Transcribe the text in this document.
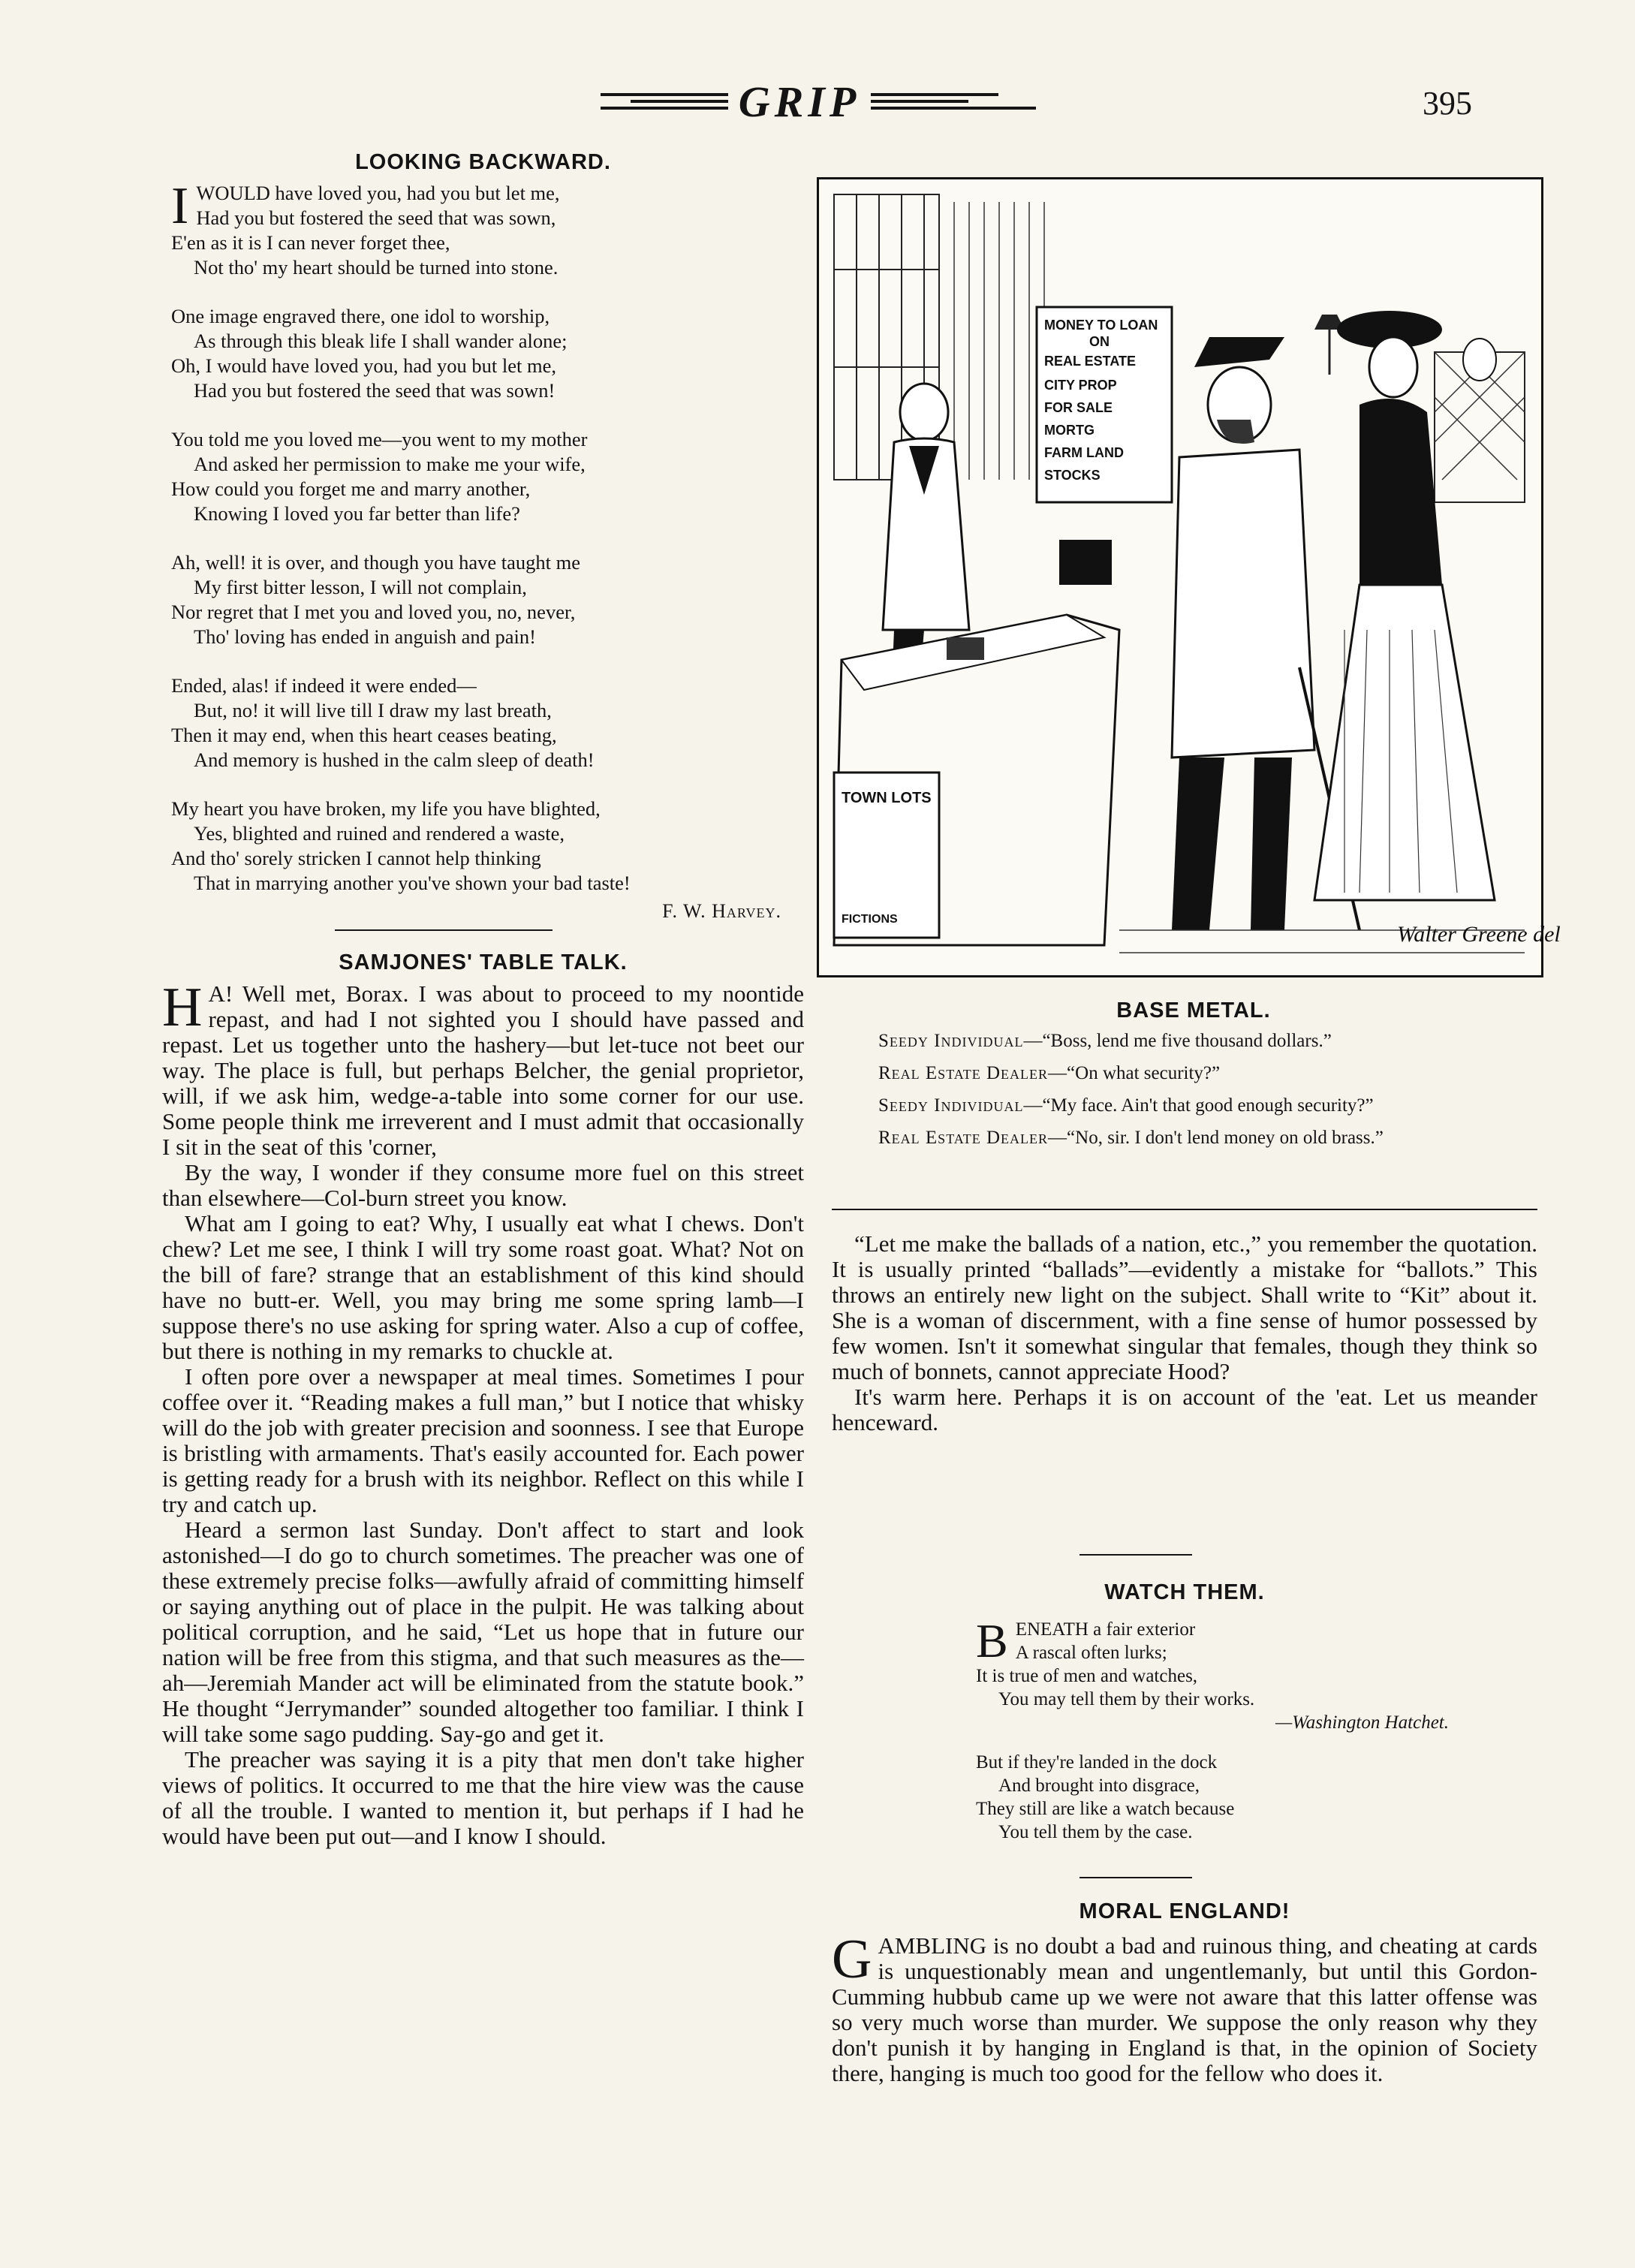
GRIP	395
LOOKING BACKWARD.
I WOULD have loved you, had you but let me,

Had you but fostered the seed that was sown,

E'en as it is I can never forget thee,

Not tho' my heart should be turned into stone.

One image engraved there, one idol to worship,

As through this bleak life I shall wander alone;

Oh, I would have loved you, had you but let me,

Had you but fostered the seed that was sown!

You told me you loved me—you went to my mother

And asked her permission to make me your wife,

How could you forget me and marry another,

Knowing I loved you far better than life?

Ah, well! it is over, and though you have taught me

My first bitter lesson, I will not complain,

Nor regret that I met you and loved you, no, never,

Tho' loving has ended in anguish and pain!

Ended, alas! if indeed it were ended—

But, no! it will live till I draw my last breath,

Then it may end, when this heart ceases beating,

And memory is hushed in the calm sleep of death!

My heart you have broken, my life you have blighted,

Yes, blighted and ruined and rendered a waste,

And tho' sorely stricken I cannot help thinking

That in marrying another you've shown your bad taste!

F. W. Harvey.
SAMJONES' TABLE TALK.

H A! Well met, Borax. I was about to proceed to my noontide repast, and had I not sighted you I should have passed and repast. Let us together unto the hashery—but let-tuce not beet our way. The place is full, but perhaps Belcher, the genial proprietor, will, if we ask him, wedge-a-table into some corner for our use. Some people think me irreverent and I must admit that occasionally I sit in the seat of this 'corner,

By the way, I wonder if they consume more fuel on this street than elsewhere—Col-burn street you know.

What am I going to eat? Why, I usually eat what I chews. Don't chew? Let me see, I think I will try some roast goat. What? Not on the bill of fare? strange that an establishment of this kind should have no butt-er. Well, you may bring me some spring lamb—I suppose there's no use asking for spring water. Also a cup of coffee, but there is nothing in my remarks to chuckle at.

I often pore over a newspaper at meal times. Sometimes I pour coffee over it. “Reading makes a full man,” but I notice that whisky will do the job with greater precision and soonness. I see that Europe is bristling with armaments. That's easily accounted for. Each power is getting ready for a brush with its neighbor. Reflect on this while I try and catch up.

Heard a sermon last Sunday. Don't affect to start and look astonished—I do go to church sometimes. The preacher was one of these extremely precise folks—awfully afraid of committing himself or saying anything out of place in the pulpit. He was talking about political corruption, and he said, “Let us hope that in future our nation will be free from this stigma, and that such measures as the—ah—Jeremiah Mander act will be eliminated from the statute book.” He thought “Jerrymander” sounded altogether too familiar. I think I will take some sago pudding. Say-go and get it.

The preacher was saying it is a pity that men don't take higher views of politics. It occurred to me that the hire view was the cause of all the trouble. I wanted to mention it, but perhaps if I had he would have been put out—and I know I should.

MONEY TO LOAN
ON
REAL ESTATE
CITY PROP
FOR SALE
MORTG
FARM LAND
STOCKS
TOWN LOTS
FICTIONS
Walter Greene del
BASE METAL.

Seedy Individual—“Boss, lend me five thousand dollars.”

Real Estate Dealer—“On what security?”

Seedy Individual—“My face. Ain't that good enough security?”

Real Estate Dealer—“No, sir. I don't lend money on old brass.”

“Let me make the ballads of a nation, etc.,” you remember the quotation. It is usually printed “ballads”—evidently a mistake for “ballots.” This throws an entirely new light on the subject. Shall write to “Kit” about it. She is a woman of discernment, with a fine sense of humor possessed by few women. Isn't it somewhat singular that females, though they think so much of bonnets, cannot appreciate Hood?

It's warm here. Perhaps it is on account of the 'eat. Let us meander henceward.

WATCH THEM.
B ENEATH a fair exterior
A rascal often lurks;
It is true of men and watches,
You may tell them by their works.
—Washington Hatchet.
But if they're landed in the dock
And brought into disgrace,
They still are like a watch because
You tell them by the case.
MORAL ENGLAND!

GAMBLING is no doubt a bad and ruinous thing, and cheating at cards is unquestionably mean and ungentlemanly, but until this Gordon-Cumming hubbub came up we were not aware that this latter offense was so very much worse than murder. We suppose the only reason why they don't punish it by hanging in England is that, in the opinion of Society there, hanging is much too good for the fellow who does it.
